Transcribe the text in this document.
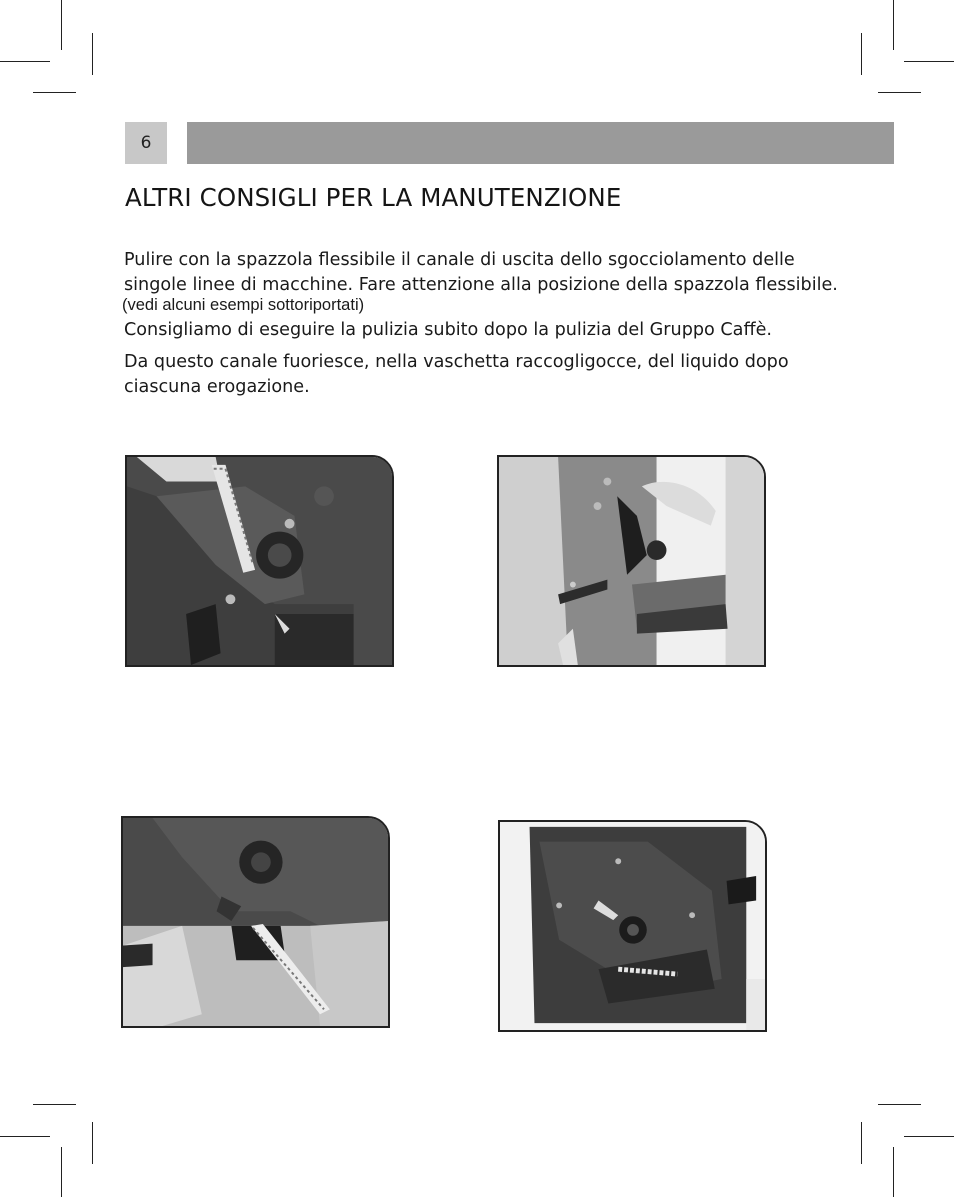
6
ALTRI CONSIGLI PER LA MANUTENZIONE
Pulire con la spazzola flessibile il canale di uscita dello sgocciolamento delle
singole linee di macchine. Fare attenzione alla posizione della spazzola flessibile.
(vedi alcuni esempi sottoriportati)
Consigliamo di eseguire la pulizia subito dopo la pulizia del Gruppo Caffè.
Da questo canale fuoriesce, nella vaschetta raccogligocce, del liquido dopo
ciascuna erogazione.
